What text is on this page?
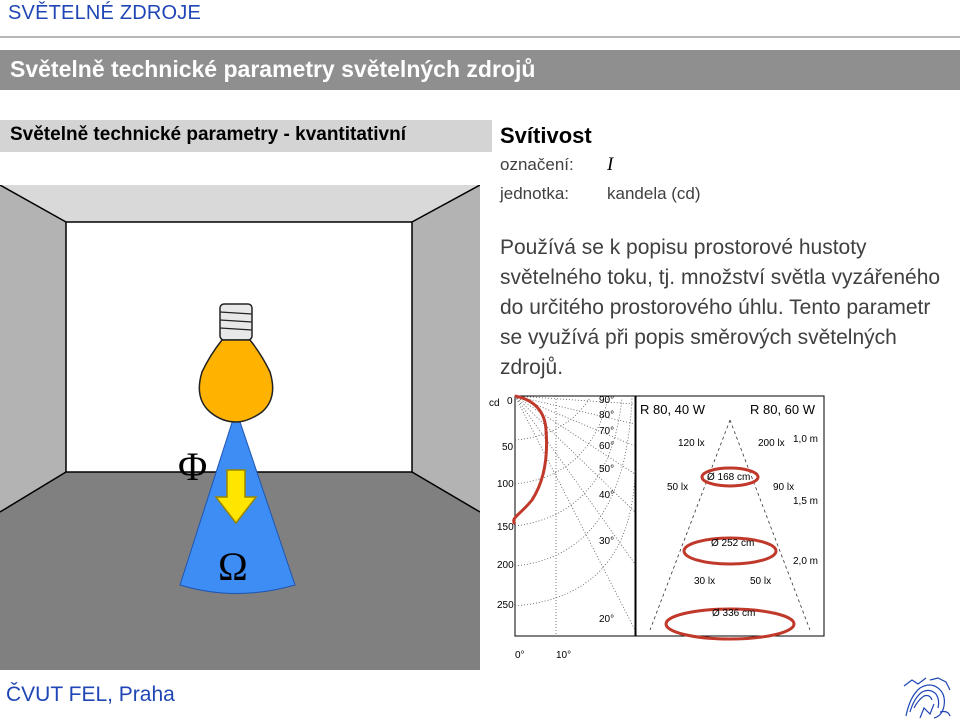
SVĚTELNÉ ZDROJE
Světelně technické parametry světelných zdrojů
Světelně technické parametry - kvantitativní
Φ
Ω
Svítivost
označení: I
jednotka: kandela (cd)
Používá se k popisu prostorové hustoty světelného toku, tj. množství světla vyzářeného do určitého prostorového úhlu. Tento parametr se využívá při popis směrových světelných zdrojů.
cd 0
50
100
150
200
250
90°
80°
70°
60°
50°
40°
30°
20°
0°	10°
R 80, 40 W	R 80, 60 W
120 lx	200 lx 1,0 m
Ø 168 cm
50 lx	90 lx
1,5 m
Ø 252 cm
2,0 m
30 lx	50 lx
Ø 336 cm
ČVUT FEL, Praha
